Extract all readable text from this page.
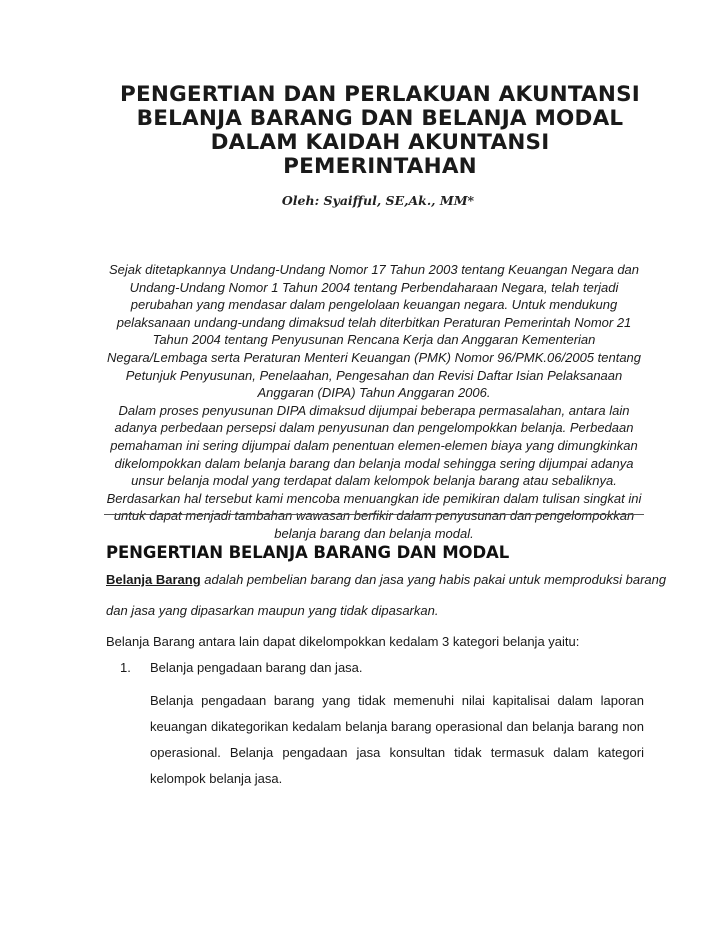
PENGERTIAN DAN PERLAKUAN AKUNTANSI
BELANJA BARANG DAN BELANJA MODAL
DALAM KAIDAH AKUNTANSI
PEMERINTAHAN
Oleh: Syaifful, SE,Ak., MM*

Sejak ditetapkannya Undang-Undang Nomor 17 Tahun 2003 tentang Keuangan Negara dan Undang-Undang Nomor 1 Tahun 2004 tentang Perbendaharaan Negara, telah terjadi perubahan yang mendasar dalam pengelolaan keuangan negara. Untuk mendukung pelaksanaan undang-undang dimaksud telah diterbitkan Peraturan Pemerintah Nomor 21 Tahun 2004 tentang Penyusunan Rencana Kerja dan Anggaran Kementerian Negara/Lembaga serta Peraturan Menteri Keuangan (PMK) Nomor 96/PMK.06/2005 tentang Petunjuk Penyusunan, Penelaahan, Pengesahan dan Revisi Daftar Isian Pelaksanaan Anggaran (DIPA) Tahun Anggaran 2006.

Dalam proses penyusunan DIPA dimaksud dijumpai beberapa permasalahan, antara lain adanya perbedaan persepsi dalam penyusunan dan pengelompokkan belanja. Perbedaan pemahaman ini sering dijumpai dalam penentuan elemen-elemen biaya yang dimungkinkan dikelompokkan dalam belanja barang dan belanja modal sehingga sering dijumpai adanya unsur belanja modal yang terdapat dalam kelompok belanja barang atau sebaliknya. Berdasarkan hal tersebut kami mencoba menuangkan ide pemikiran dalam tulisan singkat ini untuk dapat menjadi tambahan wawasan berfikir dalam penyusunan dan pengelompokkan belanja barang dan belanja modal.

PENGERTIAN BELANJA BARANG DAN MODAL
Belanja Barang adalah pembelian barang dan jasa yang habis pakai untuk memproduksi barang
dan jasa yang dipasarkan maupun yang tidak dipasarkan.
Belanja Barang antara lain dapat dikelompokkan kedalam 3 kategori belanja yaitu:
1. Belanja pengadaan barang dan jasa.
Belanja pengadaan barang yang tidak memenuhi nilai kapitalisai dalam laporan keuangan dikategorikan kedalam belanja barang operasional dan belanja barang non operasional. Belanja pengadaan jasa konsultan tidak termasuk dalam kategori kelompok belanja jasa.
